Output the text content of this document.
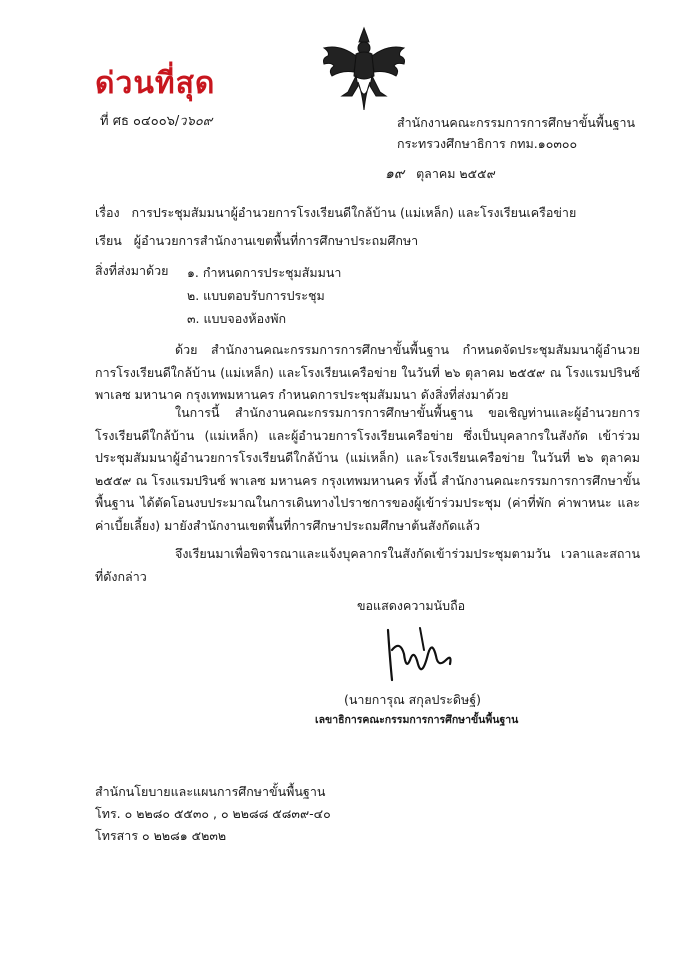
ด่วนที่สุด
ที่ ศธ ๐๔๐๐๖/ว๖๐๙	สำนักงานคณะกรรมการการศึกษาขั้นพื้นฐาน
กระทรวงศึกษาธิการ กทม.๑๐๓๐๐
๑๙ ตุลาคม ๒๕๕๙
เรื่อง การประชุมสัมมนาผู้อำนวยการโรงเรียนดีใกล้บ้าน (แม่เหล็ก) และโรงเรียนเครือข่าย
เรียน ผู้อำนวยการสำนักงานเขตพื้นที่การศึกษาประถมศึกษา
สิ่งที่ส่งมาด้วย ๑. กำหนดการประชุมสัมมนา
๒. แบบตอบรับการประชุม
๓. แบบจองห้องพัก

ด้วย สำนักงานคณะกรรมการการศึกษาขั้นพื้นฐาน กำหนดจัดประชุมสัมมนาผู้อำนวยการโรงเรียนดีใกล้บ้าน (แม่เหล็ก) และโรงเรียนเครือข่าย ในวันที่ ๒๖ ตุลาคม ๒๕๕๙ ณ โรงแรมปรินซ์ พาเลซ มหานาค กรุงเทพมหานคร กำหนดการประชุมสัมมนา ดังสิ่งที่ส่งมาด้วย

ในการนี้ สำนักงานคณะกรรมการการศึกษาขั้นพื้นฐาน ขอเชิญท่านและผู้อำนวยการโรงเรียนดีใกล้บ้าน (แม่เหล็ก) และผู้อำนวยการโรงเรียนเครือข่าย ซึ่งเป็นบุคลากรในสังกัด เข้าร่วมประชุมสัมมนาผู้อำนวยการโรงเรียนดีใกล้บ้าน (แม่เหล็ก) และโรงเรียนเครือข่าย ในวันที่ ๒๖ ตุลาคม ๒๕๕๙ ณ โรงแรมปรินซ์ พาเลซ มหานคร กรุงเทพมหานคร ทั้งนี้ สำนักงานคณะกรรมการการศึกษาขั้นพื้นฐาน ได้ตัดโอนงบประมาณในการเดินทางไปราชการของผู้เข้าร่วมประชุม (ค่าที่พัก ค่าพาหนะ และค่าเบี้ยเลี้ยง) มายังสำนักงานเขตพื้นที่การศึกษาประถมศึกษาต้นสังกัดแล้ว

จึงเรียนมาเพื่อพิจารณาและแจ้งบุคลากรในสังกัดเข้าร่วมประชุมตามวัน เวลาและสถานที่ดังกล่าว

ขอแสดงความนับถือ
(นายการุณ สกุลประดิษฐ์)
เลขาธิการคณะกรรมการการศึกษาขั้นพื้นฐาน
สำนักนโยบายและแผนการศึกษาขั้นพื้นฐาน
โทร. ๐ ๒๒๘๐ ๕๕๓๐ , ๐ ๒๒๘๘ ๕๘๓๙-๔๐
โทรสาร ๐ ๒๒๘๑ ๕๒๓๒
